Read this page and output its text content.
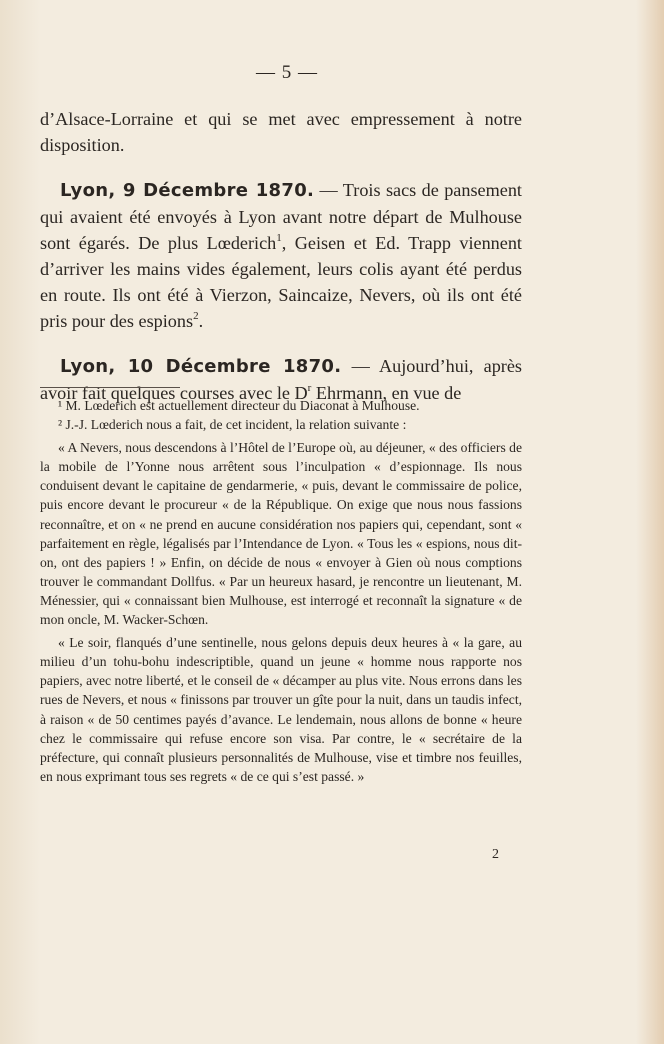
— 5 —

d’Alsace-Lorraine et qui se met avec empressement à notre disposition.

Lyon, 9 Décembre 1870. — Trois sacs de pansement qui avaient été envoyés à Lyon avant notre départ de Mulhouse sont égarés. De plus Lœderich$^1$, Geisen et Ed. Trapp viennent d’arriver les mains vides également, leurs colis ayant été perdus en route. Ils ont été à Vierzon, Saincaize, Nevers, où ils ont été pris pour des espions$^2$.

Lyon, 10 Décembre 1870. — Aujourd’hui, après avoir fait quelques courses avec le $D^r$ Ehrmann, en vue de

¹ M. Lœderich est actuellement directeur du Diaconat à Mulhouse.

² J.-J. Lœderich nous a fait, de cet incident, la relation suivante :

« A Nevers, nous descendons à l’Hôtel de l’Europe où, au déjeuner, « des officiers de la mobile de l’Yonne nous arrêtent sous l’inculpation « d’espionnage. Ils nous conduisent devant le capitaine de gendarmerie, « puis, devant le commissaire de police, puis encore devant le procureur « de la République. On exige que nous nous fassions reconnaître, et on « ne prend en aucune considération nos papiers qui, cependant, sont « parfaitement en règle, légalisés par l’Intendance de Lyon. « Tous les « espions, nous dit-on, ont des papiers ! » Enfin, on décide de nous « envoyer à Gien où nous comptions trouver le commandant Dollfus. « Par un heureux hasard, je rencontre un lieutenant, M. Ménessier, qui « connaissant bien Mulhouse, est interrogé et reconnaît la signature « de mon oncle, M. Wacker-Schœn.

« Le soir, flanqués d’une sentinelle, nous gelons depuis deux heures à « la gare, au milieu d’un tohu-bohu indescriptible, quand un jeune « homme nous rapporte nos papiers, avec notre liberté, et le conseil de « décamper au plus vite. Nous errons dans les rues de Nevers, et nous « finissons par trouver un gîte pour la nuit, dans un taudis infect, à raison « de 50 centimes payés d’avance. Le lendemain, nous allons de bonne « heure chez le commissaire qui refuse encore son visa. Par contre, le « secrétaire de la préfecture, qui connaît plusieurs personnalités de Mulhouse, vise et timbre nos feuilles, en nous exprimant tous ses regrets « de ce qui s’est passé. »

2
